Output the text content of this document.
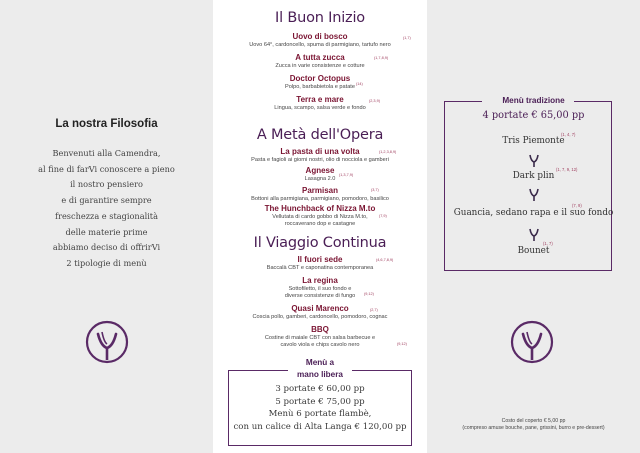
La nostra Filosofia
Benvenuti alla Camendra,
al fine di farVi conoscere a pieno
il nostro pensiero
e di garantire sempre
freschezza e stagionalità
delle materie prime
abbiamo deciso di offrirVi
2 tipologie di menù
Il Buon Inizio
Uovo di bosco
Uovo 64°, cardoncello, spuma di parmigiano, tartufo nero
(1,7)
A tutta zucca
Zucca in varie consistenze e cotture
(1,7,8,9)
Doctor Octopus
Polpo, barbabietola e patate (14)
Terra e mare
Lingua, scampo, salsa verde e fondo
(2,3,9)
A Metà dell'Opera
La pasta di una volta
Pasta e fagioli ai giorni nostri, olio di nocciola e gamberi
(1,2,3,8,9)
Agnese
Lasagna 2.0
(1,3,7,9)
Parmisan
Bottoni alla parmigiana, parmigiano, pomodoro, basilico
(3,7)
The Hunchback of Nizza M.to
Vellutata di cardo gobbo di Nizza M.to,
roccaverano dop e castagne
(7,9)
Il Viaggio Continua
Il fuori sede
Baccalà CBT e caponatina contemporanea
(4,6,7,8,9)
La regina
Sottofiletto, il suo fondo e
diverse consistenze di fungo	(9,12)
Quasi Marenco
Coscia pollo, gamberi, cardoncello, pomodoro, cognac
(2,7)
BBQ
Costine di maiale CBT con salsa barbecue e
cavolo viola e chips cavolo nero	(9,12)
Menù a
mano libera
3 portate € 60,00 pp
5 portate € 75,00 pp
Menù 6 portate flambè,
con un calice di Alta Langa € 120,00 pp
Menù tradizione
4 portate € 65,00 pp
Tris Piemonte
(1, 4, 7)
Dark plin
(1, 7, 9, 12)
Guancia, sedano rapa e il suo fondo
(7, 9)
Bounet
(1, 7)
Costo del coperto € 5,00 pp
(compreso amuse bouche, pane, grissini, burro e pre-dessert)
